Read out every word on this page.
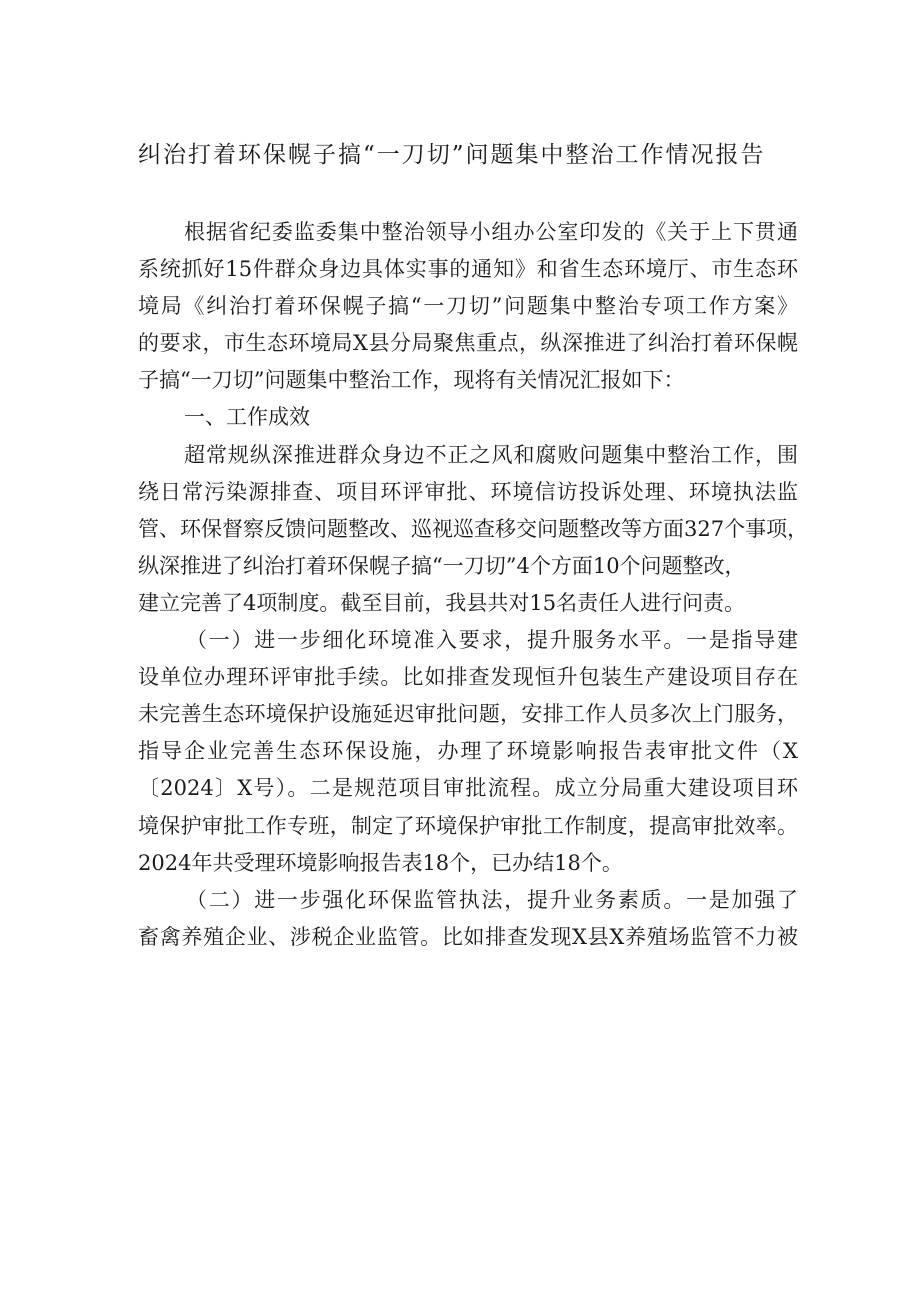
纠治打着环保幌子搞“一刀切”问题集中整治工作情况报告
根据省纪委监委集中整治领导小组办公室印发的《关于上下贯通
系统抓好15件群众身边具体实事的通知》和省生态环境厅、市生态环
境局《纠治打着环保幌子搞“一刀切”问题集中整治专项工作方案》
的要求，市生态环境局X县分局聚焦重点，纵深推进了纠治打着环保幌
子搞“一刀切”问题集中整治工作，现将有关情况汇报如下：
一、工作成效
超常规纵深推进群众身边不正之风和腐败问题集中整治工作，围
绕日常污染源排查、项目环评审批、环境信访投诉处理、环境执法监
管、环保督察反馈问题整改、巡视巡查移交问题整改等方面327个事项，
纵深推进了纠治打着环保幌子搞“一刀切”4个方面10个问题整改，
建立完善了4项制度。截至目前，我县共对15名责任人进行问责。
（一）进一步细化环境准入要求，提升服务水平。一是指导建
设单位办理环评审批手续。比如排查发现恒升包装生产建设项目存在
未完善生态环境保护设施延迟审批问题，安排工作人员多次上门服务，
指导企业完善生态环保设施，办理了环境影响报告表审批文件（X
〔2024〕X号）。二是规范项目审批流程。成立分局重大建设项目环
境保护审批工作专班，制定了环境保护审批工作制度，提高审批效率。
2024年共受理环境影响报告表18个，已办结18个。
（二）进一步强化环保监管执法，提升业务素质。一是加强了
畜禽养殖企业、涉税企业监管。比如排查发现X县X养殖场监管不力被
